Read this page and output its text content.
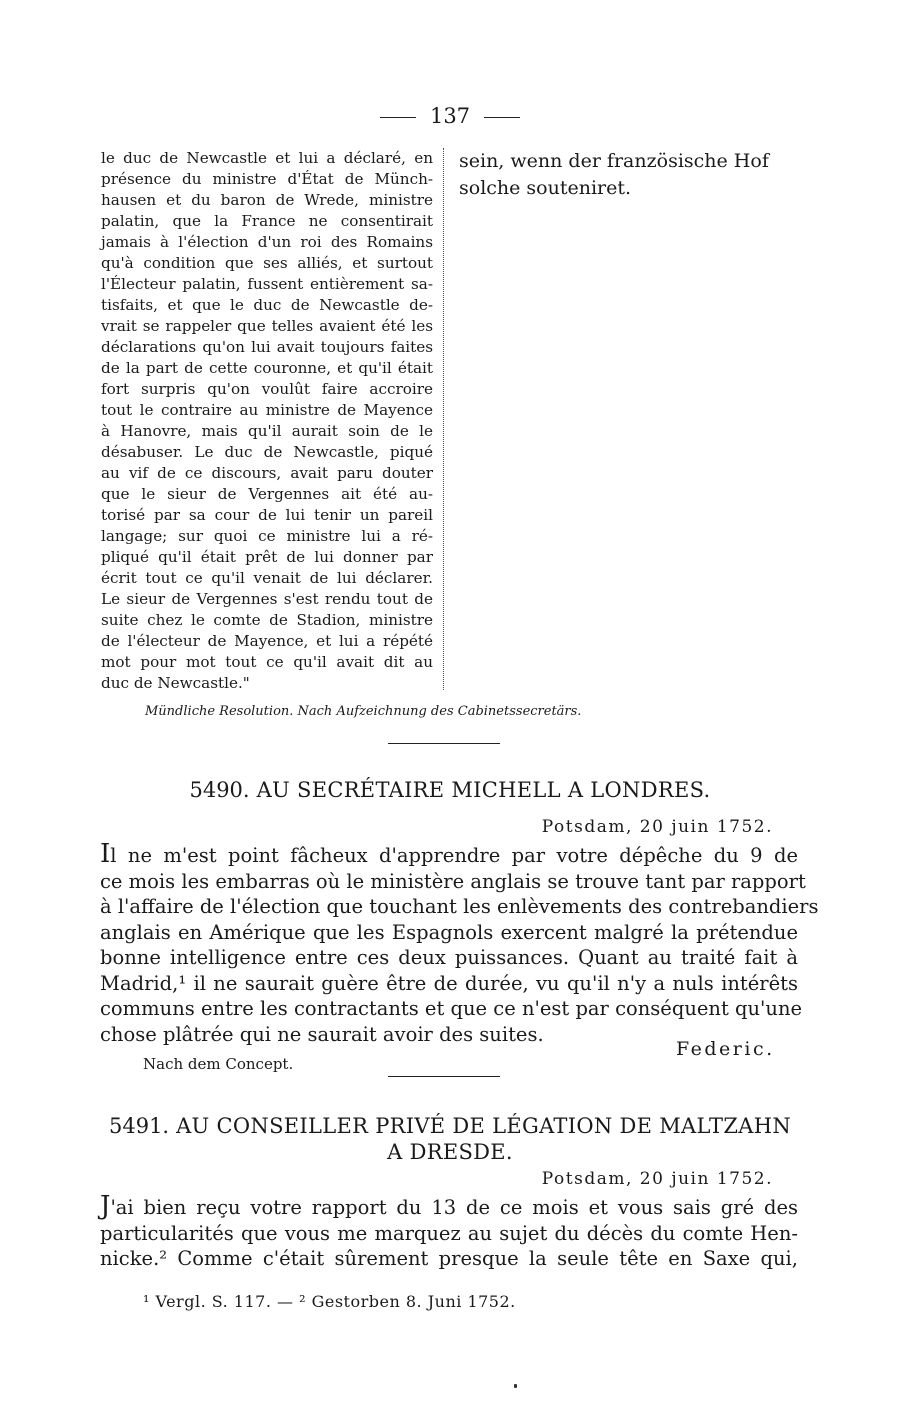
137
le duc de Newcastle et lui a déclaré, en
présence du ministre d'État de Münch-
hausen et du baron de Wrede, ministre
palatin, que la France ne consentirait
jamais à l'élection d'un roi des Romains
qu'à condition que ses alliés, et surtout
l'Électeur palatin, fussent entièrement sa-
tisfaits, et que le duc de Newcastle de-
vrait se rappeler que telles avaient été les
déclarations qu'on lui avait toujours faites
de la part de cette couronne, et qu'il était
fort surpris qu'on voulût faire accroire
tout le contraire au ministre de Mayence
à Hanovre, mais qu'il aurait soin de le
désabuser. Le duc de Newcastle, piqué
au vif de ce discours, avait paru douter
que le sieur de Vergennes ait été au-
torisé par sa cour de lui tenir un pareil
langage; sur quoi ce ministre lui a ré-
pliqué qu'il était prêt de lui donner par
écrit tout ce qu'il venait de lui déclarer.
Le sieur de Vergennes s'est rendu tout de
suite chez le comte de Stadion, ministre
de l'électeur de Mayence, et lui a répété
mot pour mot tout ce qu'il avait dit au
duc de Newcastle."
sein, wenn der französische Hof
solche souteniret.
Mündliche Resolution. Nach Aufzeichnung des Cabinetssecretärs.
5490. AU SECRÉTAIRE MICHELL A LONDRES.
Potsdam, 20 juin 1752.
Il ne m'est point fâcheux d'apprendre par votre dépêche du 9 de
ce mois les embarras où le ministère anglais se trouve tant par rapport
à l'affaire de l'élection que touchant les enlèvements des contrebandiers
anglais en Amérique que les Espagnols exercent malgré la prétendue
bonne intelligence entre ces deux puissances. Quant au traité fait à
Madrid,¹ il ne saurait guère être de durée, vu qu'il n'y a nuls intérêts
communs entre les contractants et que ce n'est par conséquent qu'une
chose plâtrée qui ne saurait avoir des suites.
Federic.
Nach dem Concept.
5491. AU CONSEILLER PRIVÉ DE LÉGATION DE MALTZAHN
A DRESDE.
Potsdam, 20 juin 1752.
J'ai bien reçu votre rapport du 13 de ce mois et vous sais gré des
particularités que vous me marquez au sujet du décès du comte Hen-
nicke.² Comme c'était sûrement presque la seule tête en Saxe qui,
¹ Vergl. S. 117. — ² Gestorben 8. Juni 1752.
